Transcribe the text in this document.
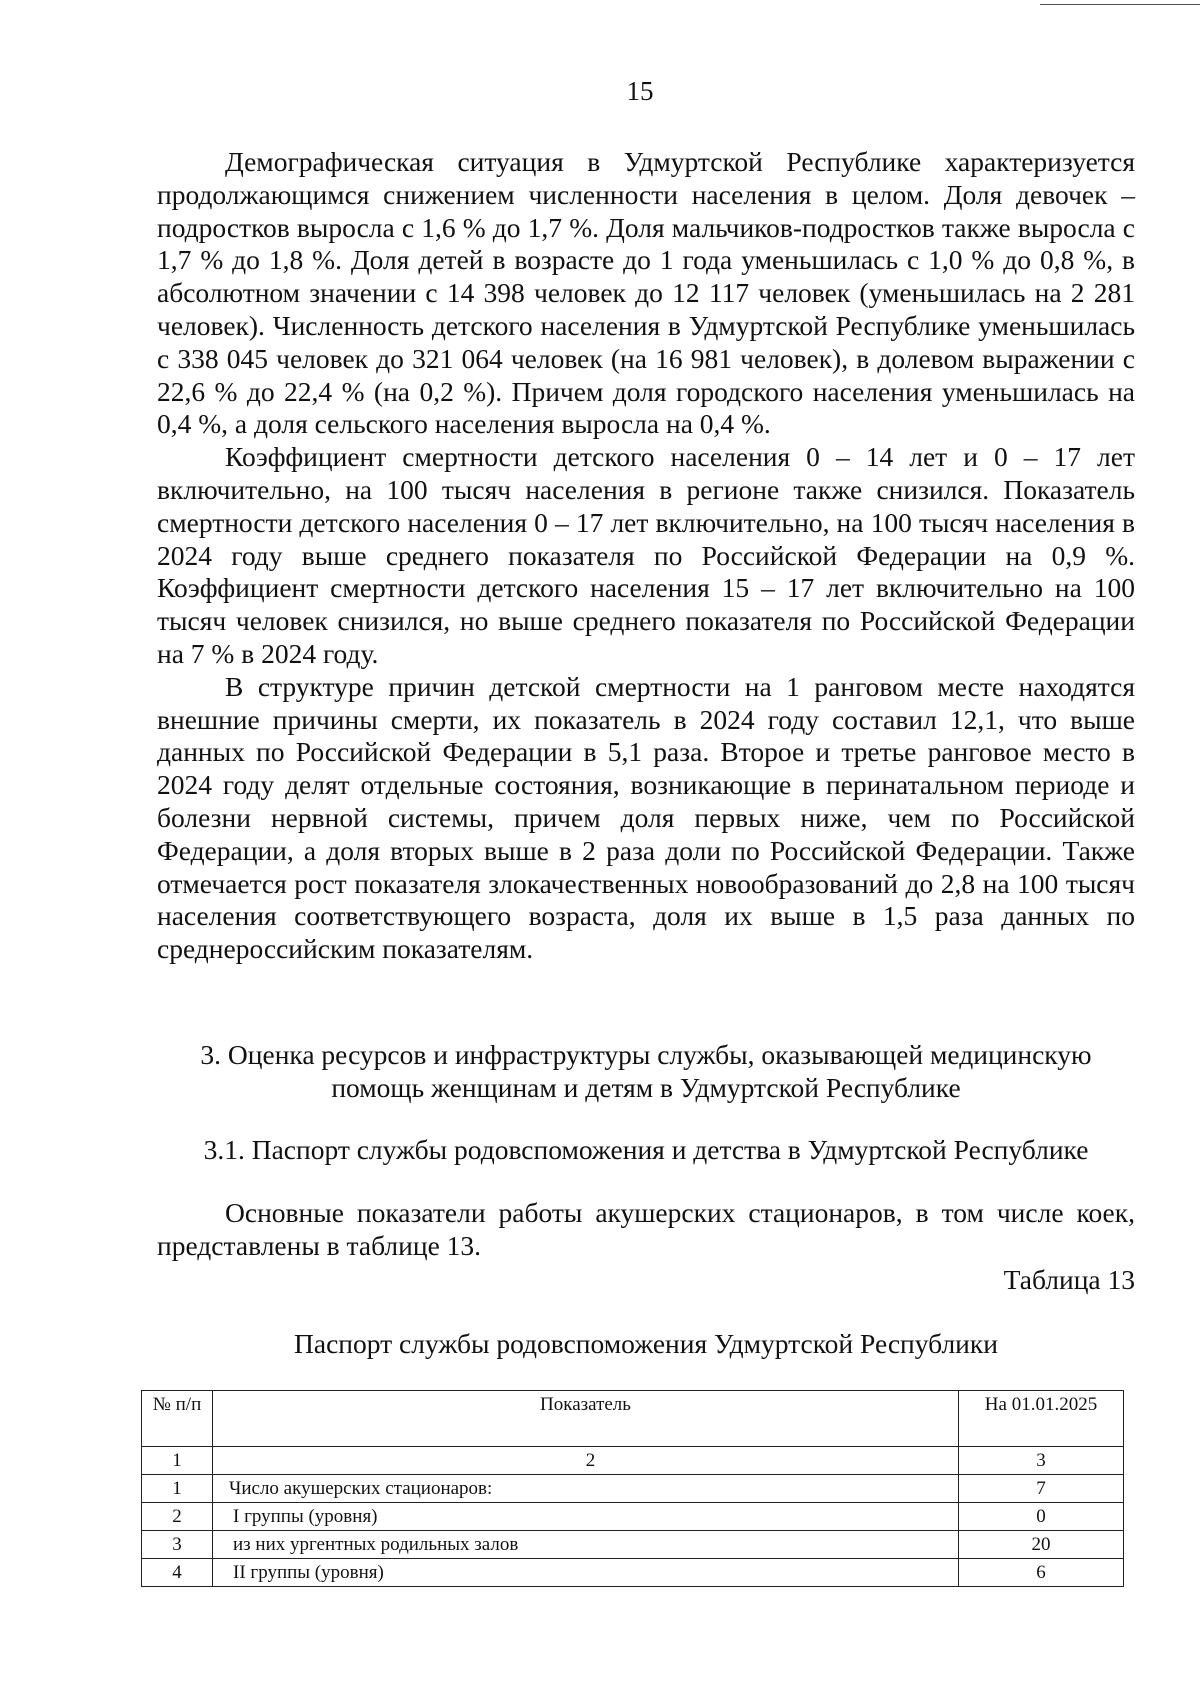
15

Демографическая ситуация в Удмуртской Республике характеризуется продолжающимся снижением численности населения в целом. Доля девочек – подростков выросла с 1,6 % до 1,7 %. Доля мальчиков-подростков также выросла с 1,7 % до 1,8 %. Доля детей в возрасте до 1 года уменьшилась с 1,0 % до 0,8 %, в абсолютном значении с 14 398 человек до 12 117 человек (уменьшилась на 2 281 человек). Численность детского населения в Удмуртской Республике уменьшилась с 338 045 человек до 321 064 человек (на 16 981 человек), в долевом выражении с 22,6 % до 22,4 % (на 0,2 %). Причем доля городского населения уменьшилась на 0,4 %, а доля сельского населения выросла на 0,4 %.

Коэффициент смертности детского населения 0 – 14 лет и 0 – 17 лет включительно, на 100 тысяч населения в регионе также снизился. Показатель смертности детского населения 0 – 17 лет включительно, на 100 тысяч населения в 2024 году выше среднего показателя по Российской Федерации на 0,9 %. Коэффициент смертности детского населения 15 – 17 лет включительно на 100 тысяч человек снизился, но выше среднего показателя по Российской Федерации на 7 % в 2024 году.

В структуре причин детской смертности на 1 ранговом месте находятся внешние причины смерти, их показатель в 2024 году составил 12,1, что выше данных по Российской Федерации в 5,1 раза. Второе и третье ранговое место в 2024 году делят отдельные состояния, возникающие в перинатальном периоде и болезни нервной системы, причем доля первых ниже, чем по Российской Федерации, а доля вторых выше в 2 раза доли по Российской Федерации. Также отмечается рост показателя злокачественных новообразований до 2,8 на 100 тысяч населения соответствующего возраста, доля их выше в 1,5 раза данных по среднероссийским показателям.

3. Оценка ресурсов и инфраструктуры службы, оказывающей медицинскую помощь женщинам и детям в Удмуртской Республике
3.1. Паспорт службы родовспоможения и детства в Удмуртской Республике

Основные показатели работы акушерских стационаров, в том числе коек, представлены в таблице 13.

Таблица 13
Паспорт службы родовспоможения Удмуртской Республики
№ п/п	Показатель	На 01.01.2025
1	2	3
1	Число акушерских стационаров:	7
2	I группы (уровня)	0
3	из них ургентных родильных залов	20
4	II группы (уровня)	6
